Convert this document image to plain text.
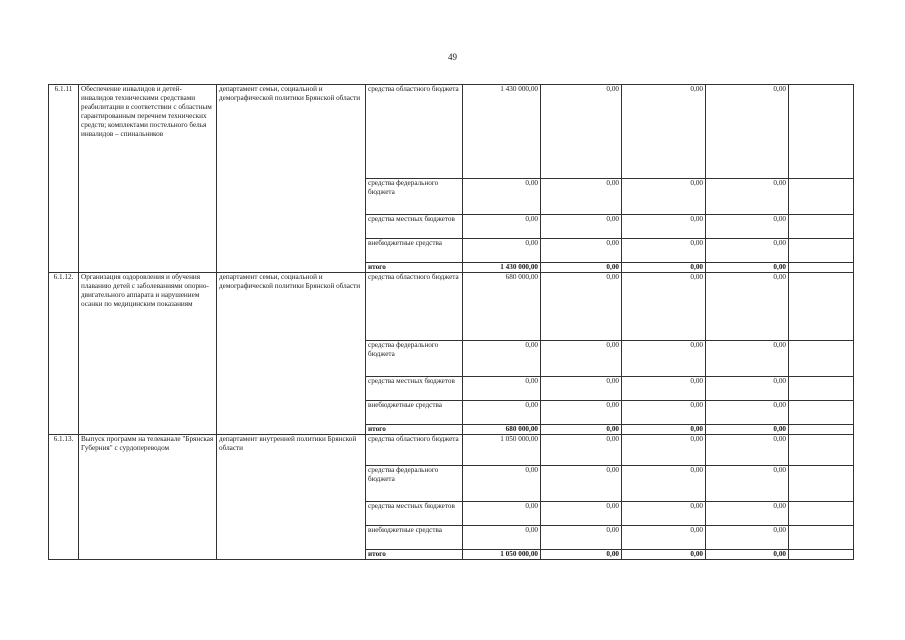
49
6.1.11	Обеспечение инвалидов и детей-инвалидов техническими средствами реабилитации в соответствии с областным гарантированным перечнем технических средств; комплектами постельного белья инвалидов – спинальников	департамент семьи, социальной и демографической политики Брянской области	средства областного бюджета	1 430 000,00	0,00	0,00	0,00	
			средства федерального бюджета	0,00	0,00	0,00	0,00	
			средства местных бюджетов	0,00	0,00	0,00	0,00	
			внебюджетные средства	0,00	0,00	0,00	0,00	
			итого	1 430 000,00	0,00	0,00	0,00	
6.1.12.	Организация оздоровления и обучения плаванию детей с заболеваниями опорно-двигательного аппарата и нарушением осанки по медицинским показаниям	департамент семьи, социальной и демографической политики Брянской области	средства областного бюджета	680 000,00	0,00	0,00	0,00	
			средства федерального бюджета	0,00	0,00	0,00	0,00	
			средства местных бюджетов	0,00	0,00	0,00	0,00	
			внебюджетные средства	0,00	0,00	0,00	0,00	
			итого	680 000,00	0,00	0,00	0,00	
6.1.13.	Выпуск программ на телеканале "Брянская Губерния" с сурдопереводом	департамент внутренней политики Брянской области	средства областного бюджета	1 050 000,00	0,00	0,00	0,00	
			средства федерального бюджета	0,00	0,00	0,00	0,00	
			средства местных бюджетов	0,00	0,00	0,00	0,00	
			внебюджетные средства	0,00	0,00	0,00	0,00	
			итого	1 050 000,00	0,00	0,00	0,00	
